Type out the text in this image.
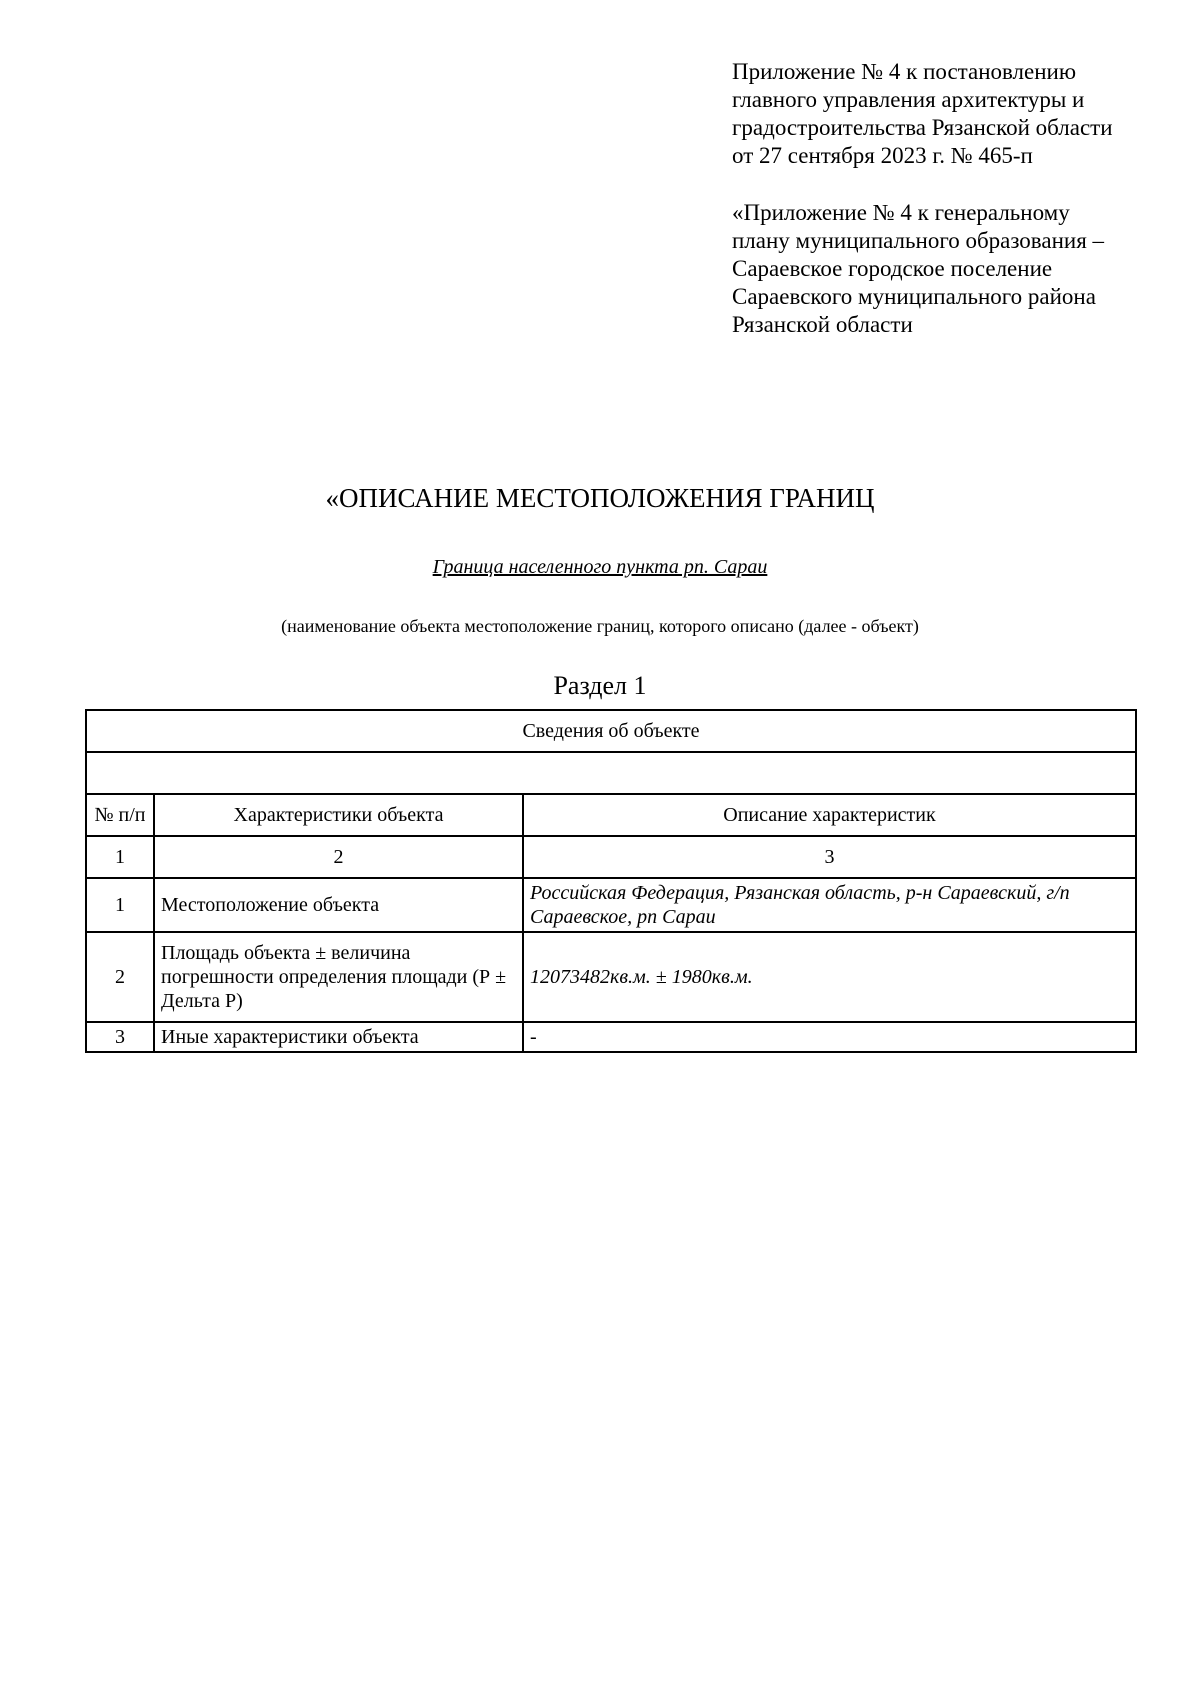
Приложение № 4 к постановлению
главного управления архитектуры и
градостроительства Рязанской области
от 27 сентября 2023 г. № 465-п
«Приложение № 4 к генеральному
плану муниципального образования –
Сараевское городское поселение
Сараевского муниципального района
Рязанской области
«ОПИСАНИЕ МЕСТОПОЛОЖЕНИЯ ГРАНИЦ
Граница населенного пункта рп. Сараи
(наименование объекта местоположение границ, которого описано (далее - объект)
Раздел 1
Сведения об объекте		

№ п/п	Характеристики объекта	Описание характеристик
1	2	3
1	Местоположение объекта	Российская Федерация, Рязанская область, р-н Сараевский, г/п Сараевское, рп Сараи
2	Площадь объекта ± величина погрешности определения площади (Р ± Дельта Р)	12073482кв.м. ± 1980кв.м.
3	Иные характеристики объекта	-
